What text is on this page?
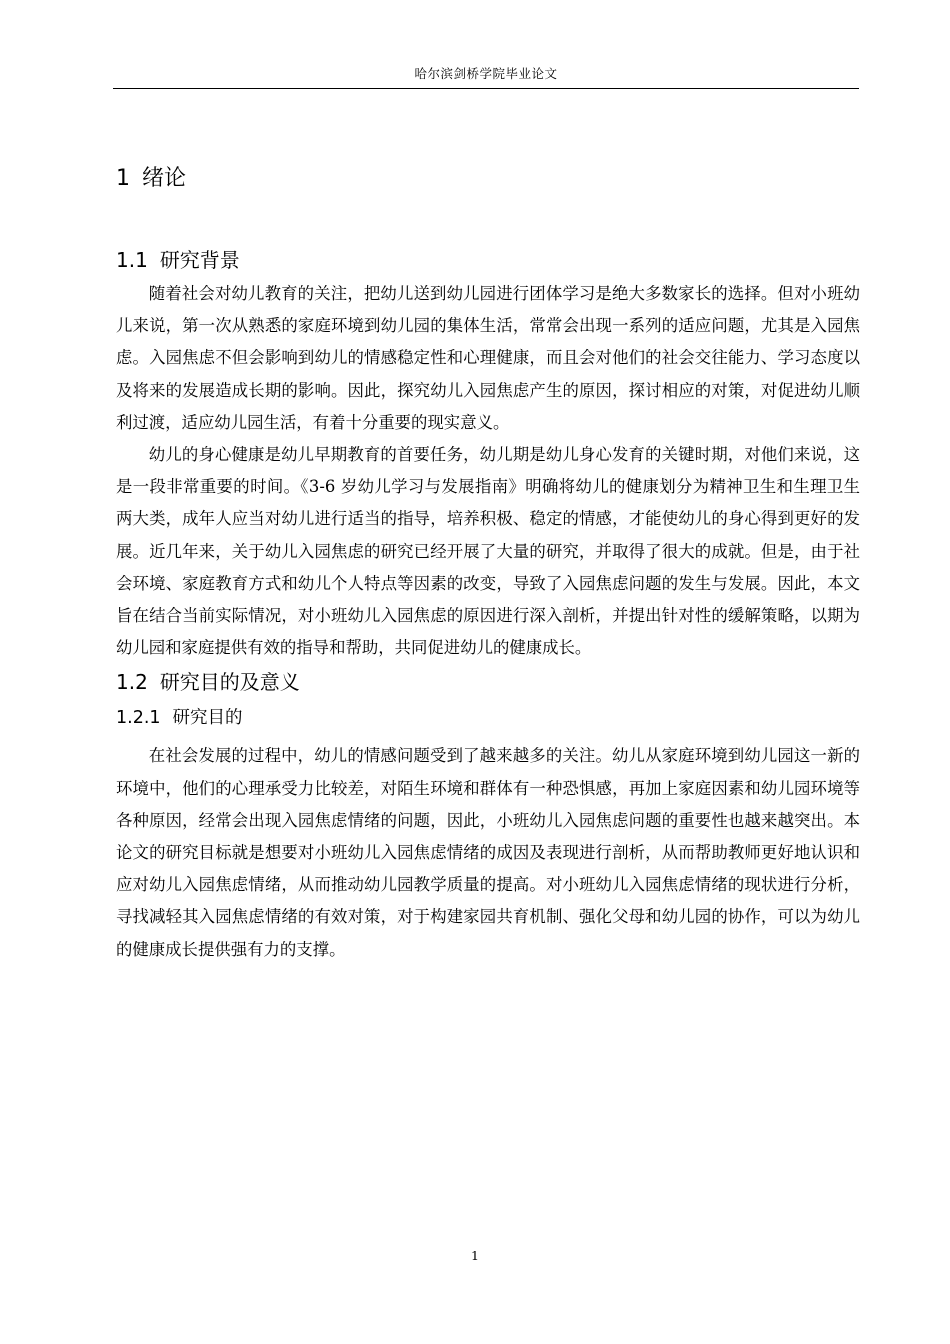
哈尔滨剑桥学院毕业论文
1 绪论
1.1 研究背景

随着社会对幼儿教育的关注，把幼儿送到幼儿园进行团体学习是绝大多数家长的选择。但对小班幼儿来说，第一次从熟悉的家庭环境到幼儿园的集体生活，常常会出现一系列的适应问题，尤其是入园焦虑。入园焦虑不但会影响到幼儿的情感稳定性和心理健康，而且会对他们的社会交往能力、学习态度以及将来的发展造成长期的影响。因此，探究幼儿入园焦虑产生的原因，探讨相应的对策，对促进幼儿顺利过渡，适应幼儿园生活，有着十分重要的现实意义。

幼儿的身心健康是幼儿早期教育的首要任务，幼儿期是幼儿身心发育的关键时期，对他们来说，这是一段非常重要的时间。《3-6 岁幼儿学习与发展指南》明确将幼儿的健康划分为精神卫生和生理卫生两大类，成年人应当对幼儿进行适当的指导，培养积极、稳定的情感，才能使幼儿的身心得到更好的发展。近几年来，关于幼儿入园焦虑的研究已经开展了大量的研究，并取得了很大的成就。但是，由于社会环境、家庭教育方式和幼儿个人特点等因素的改变，导致了入园焦虑问题的发生与发展。因此，本文旨在结合当前实际情况，对小班幼儿入园焦虑的原因进行深入剖析，并提出针对性的缓解策略，以期为幼儿园和家庭提供有效的指导和帮助，共同促进幼儿的健康成长。

1.2 研究目的及意义
1.2.1 研究目的

在社会发展的过程中，幼儿的情感问题受到了越来越多的关注。幼儿从家庭环境到幼儿园这一新的环境中，他们的心理承受力比较差，对陌生环境和群体有一种恐惧感，再加上家庭因素和幼儿园环境等各种原因，经常会出现入园焦虑情绪的问题，因此，小班幼儿入园焦虑问题的重要性也越来越突出。本论文的研究目标就是想要对小班幼儿入园焦虑情绪的成因及表现进行剖析，从而帮助教师更好地认识和应对幼儿入园焦虑情绪，从而推动幼儿园教学质量的提高。对小班幼儿入园焦虑情绪的现状进行分析，寻找减轻其入园焦虑情绪的有效对策，对于构建家园共育机制、强化父母和幼儿园的协作，可以为幼儿的健康成长提供强有力的支撑。

1
